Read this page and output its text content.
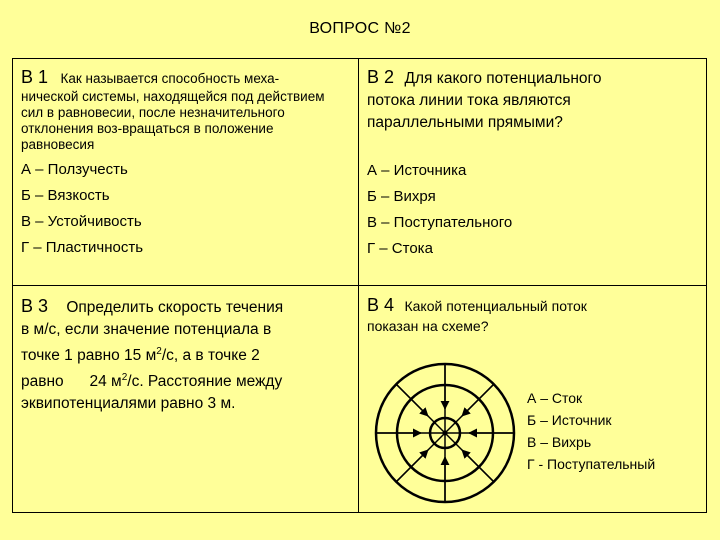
ВОПРОС №2
В 1 Как называется способность меха-
нической системы, находящейся под действием сил в равновесии, после незначительного отклонения воз-вращаться в положение равновесия
А – Ползучесть
Б – Вязкость
В – Устойчивость
Г – Пластичность
В 2 Для какого потенциального
потока линии тока являются параллельными прямыми?
А – Источника
Б – Вихря
В – Поступательного
Г – Стока
В 3 Определить скорость течения
в м/с, если значение потенциала в
точке 1 равно 15 $м^2/с$, а в точке 2
равно      24 $м^2/с$. Расстояние между
эквипотенциалями равно 3 м.
В 4 Какой потенциальный поток
показан на схеме?
А – Сток
Б – Источник
В – Вихрь
Г - Поступательный
